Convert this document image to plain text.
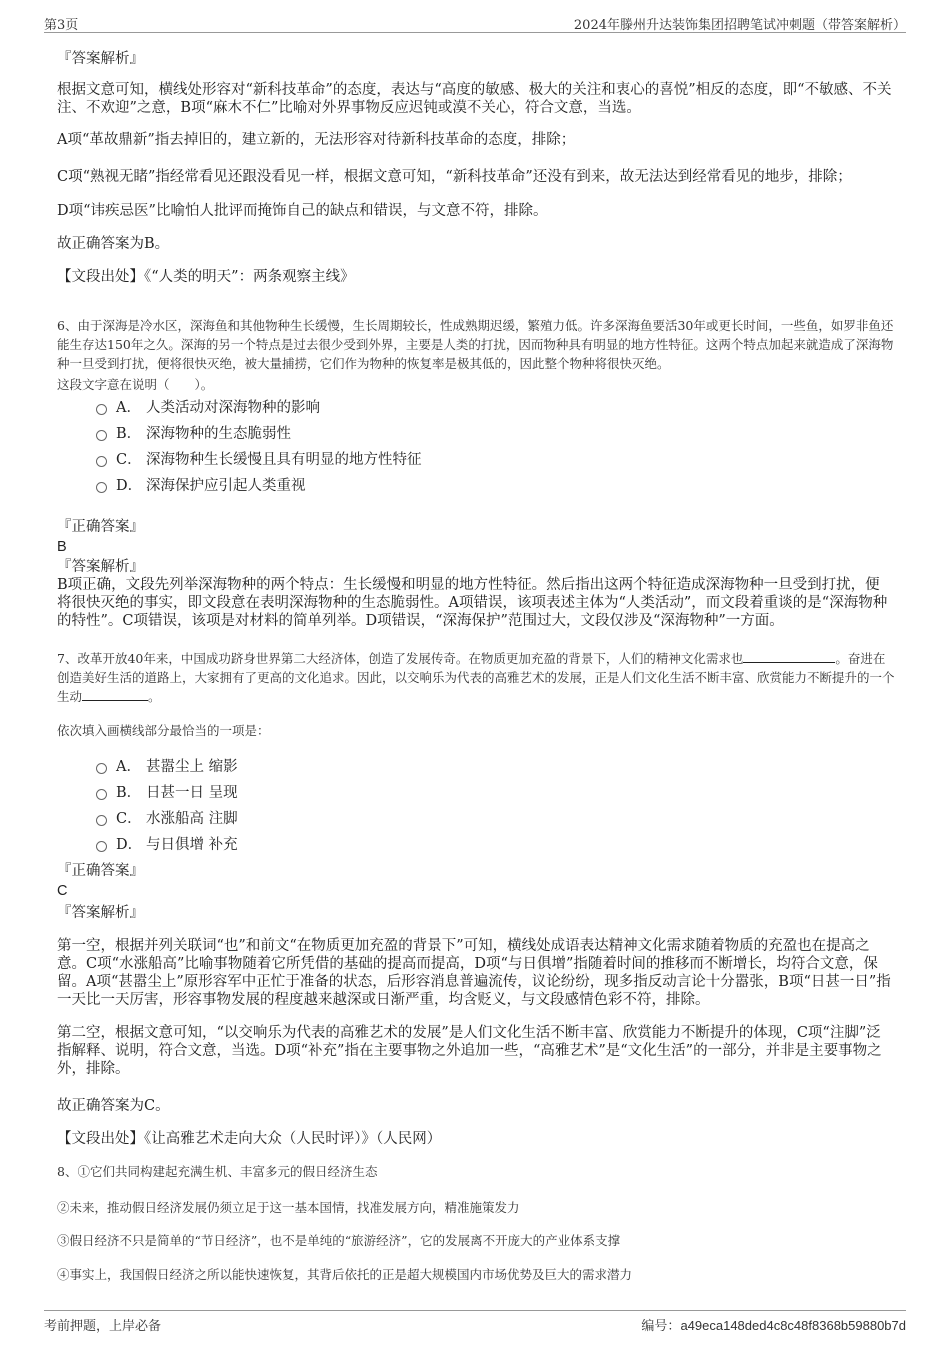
第3页	2024年滕州升达装饰集团招聘笔试冲刺题（带答案解析）
『答案解析』
根据文意可知，横线处形容对“新科技革命”的态度，表达与“高度的敏感、极大的关注和衷心的喜悦”相反的态度，即“不敏感、不关注、不欢迎”之意，B项“麻木不仁”比喻对外界事物反应迟钝或漠不关心，符合文意，当选。
A项“革故鼎新”指去掉旧的，建立新的，无法形容对待新科技革命的态度，排除；
C项“熟视无睹”指经常看见还跟没看见一样，根据文意可知，“新科技革命”还没有到来，故无法达到经常看见的地步，排除；
D项“讳疾忌医”比喻怕人批评而掩饰自己的缺点和错误，与文意不符，排除。
故正确答案为B。
【文段出处】《“人类的明天”：两条观察主线》
6、由于深海是冷水区，深海鱼和其他物种生长缓慢，生长周期较长，性成熟期迟缓，繁殖力低。许多深海鱼要活30年或更长时间，一些鱼，如罗非鱼还能生存达150年之久。深海的另一个特点是过去很少受到外界，主要是人类的打扰，因而物种具有明显的地方性特征。这两个特点加起来就造成了深海物种一旦受到打扰，便将很快灭绝，被大量捕捞，它们作为物种的恢复率是极其低的，因此整个物种将很快灭绝。
这段文字意在说明（　　）。
A． 人类活动对深海物种的影响
B． 深海物种的生态脆弱性
C． 深海物种生长缓慢且具有明显的地方性特征
D． 深海保护应引起人类重视
『正确答案』
B
『答案解析』
B项正确，文段先列举深海物种的两个特点：生长缓慢和明显的地方性特征。然后指出这两个特征造成深海物种一旦受到打扰，便将很快灭绝的事实，即文段意在表明深海物种的生态脆弱性。A项错误，该项表述主体为“人类活动”，而文段着重谈的是“深海物种的特性”。C项错误，该项是对材料的简单列举。D项错误，“深海保护”范围过大，文段仅涉及“深海物种”一方面。
7、改革开放40年来，中国成功跻身世界第二大经济体，创造了发展传奇。在物质更加充盈的背景下，人们的精神文化需求也	。奋进在创造美好生活的道路上，大家拥有了更高的文化追求。因此，以交响乐为代表的高雅艺术的发展，正是人们文化生活不断丰富、欣赏能力不断提升的一个生动	。
依次填入画横线部分最恰当的一项是：
A． 甚嚣尘上 缩影
B． 日甚一日 呈现
C． 水涨船高 注脚
D． 与日俱增 补充
『正确答案』
C
『答案解析』
第一空，根据并列关联词“也”和前文“在物质更加充盈的背景下”可知，横线处成语表达精神文化需求随着物质的充盈也在提高之意。C项“水涨船高”比喻事物随着它所凭借的基础的提高而提高，D项“与日俱增”指随着时间的推移而不断增长，均符合文意，保留。A项“甚嚣尘上”原形容军中正忙于准备的状态，后形容消息普遍流传，议论纷纷，现多指反动言论十分嚣张，B项“日甚一日”指一天比一天厉害，形容事物发展的程度越来越深或日渐严重，均含贬义，与文段感情色彩不符，排除。
第二空，根据文意可知，“以交响乐为代表的高雅艺术的发展”是人们文化生活不断丰富、欣赏能力不断提升的体现，C项“注脚”泛指解释、说明，符合文意，当选。D项“补充”指在主要事物之外追加一些，“高雅艺术”是“文化生活”的一部分，并非是主要事物之外，排除。
故正确答案为C。
【文段出处】《让高雅艺术走向大众（人民时评）》（人民网）
8、①它们共同构建起充满生机、丰富多元的假日经济生态
②未来，推动假日经济发展仍须立足于这一基本国情，找准发展方向，精准施策发力
③假日经济不只是简单的“节日经济”，也不是单纯的“旅游经济”，它的发展离不开庞大的产业体系支撑
④事实上，我国假日经济之所以能快速恢复，其背后依托的正是超大规模国内市场优势及巨大的需求潜力
考前押题，上岸必备	编号：a49eca148ded4c8c48f8368b59880b7d
